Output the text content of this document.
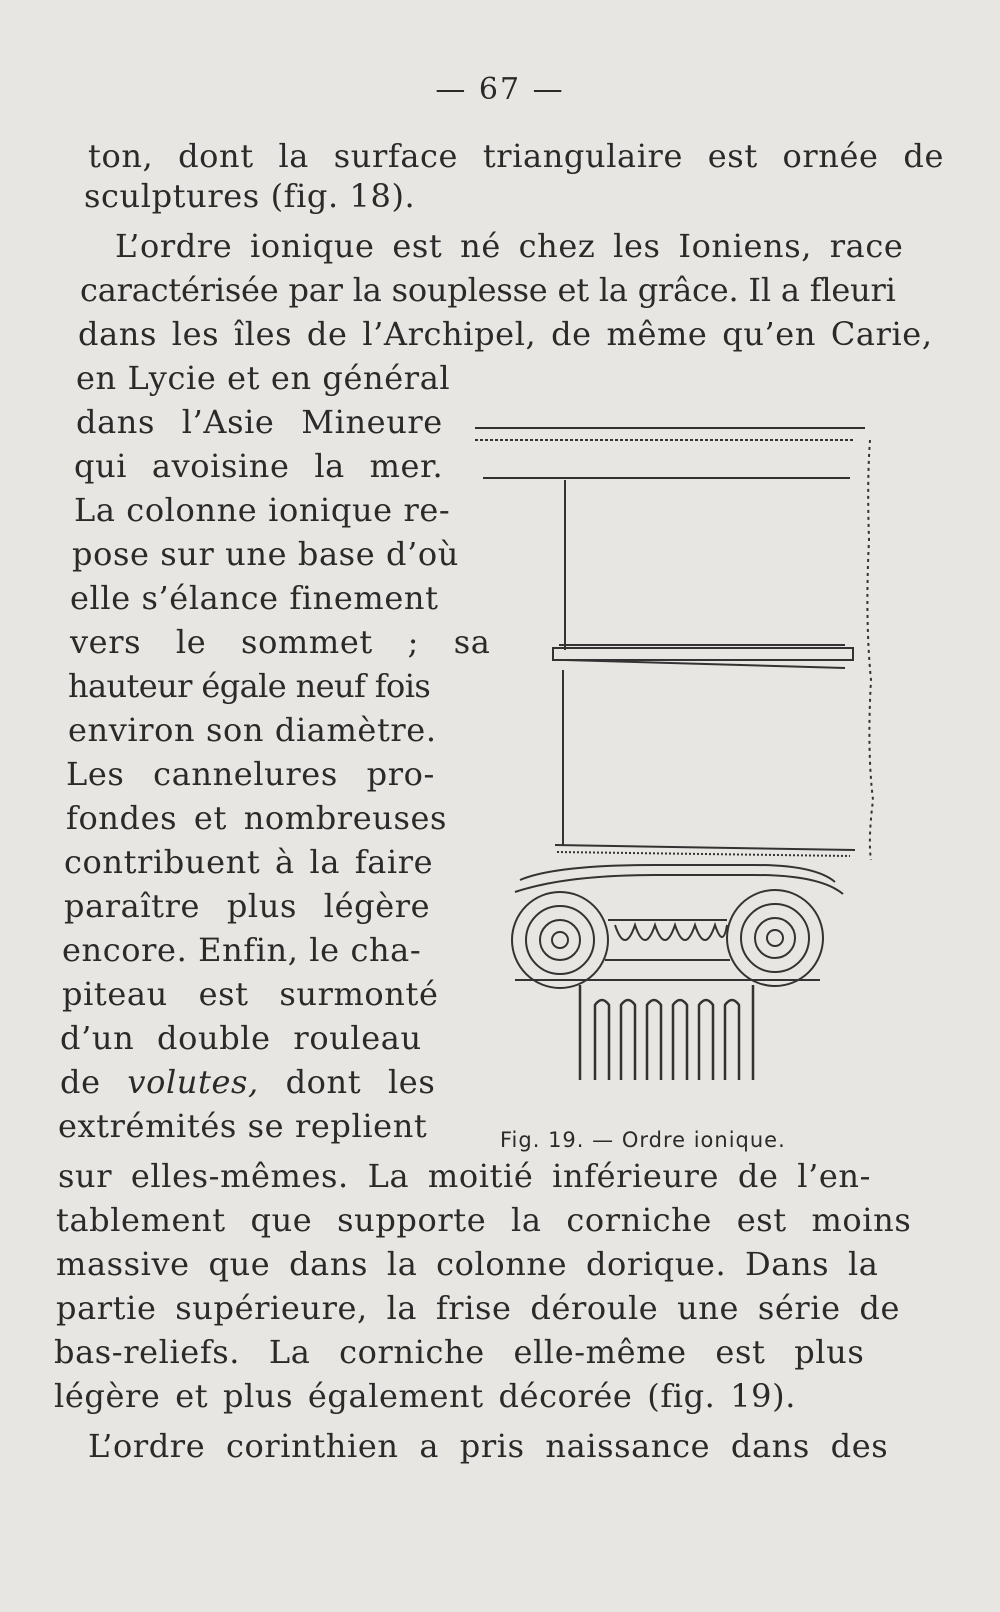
— 67 —
ton, dont la surface triangulaire est ornée de
sculptures (fig. 18).
L’ordre ionique est né chez les Ioniens, race
caractérisée par la souplesse et la grâce. Il a fleuri
dans les îles de l’Archipel, de même qu’en Carie,
en Lycie et en général
dans l’Asie Mineure
qui avoisine la mer.
La colonne ionique re-
pose sur une base d’où
elle s’élance finement
vers le sommet ; sa
hauteur égale neuf fois
environ son diamètre.
Les cannelures pro-
fondes et nombreuses
contribuent à la faire
paraître plus légère
encore. Enfin, le cha-
piteau est surmonté
d’un double rouleau
de volutes, dont les
extrémités se replient
sur elles-mêmes. La moitié inférieure de l’en-
tablement que supporte la corniche est moins
massive que dans la colonne dorique. Dans la
partie supérieure, la frise déroule une série de
bas-reliefs. La corniche elle-même est plus
légère et plus également décorée (fig. 19).
L’ordre corinthien a pris naissance dans des
Fig. 19. — Ordre ionique.
